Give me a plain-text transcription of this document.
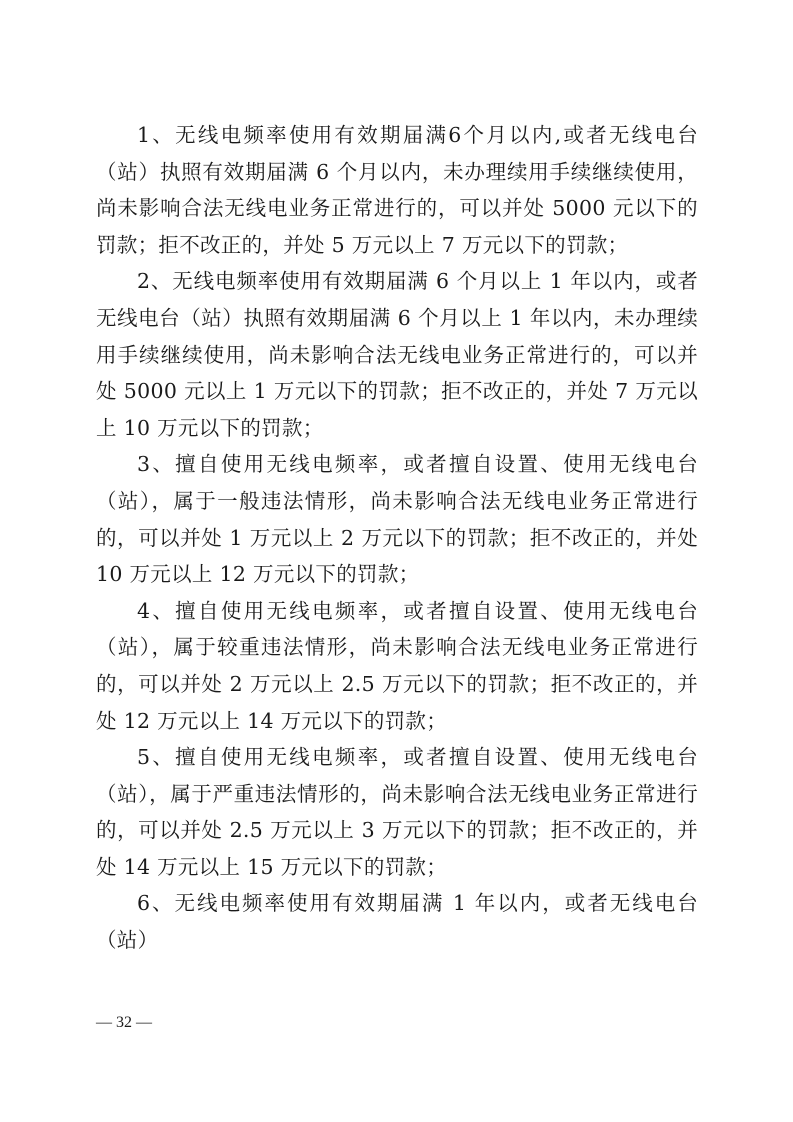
1、无线电频率使用有效期届满6个月以内,或者无线电台（站）执照有效期届满 6 个月以内，未办理续用手续继续使用，尚未影响合法无线电业务正常进行的，可以并处 5000 元以下的罚款；拒不改正的，并处 5 万元以上 7 万元以下的罚款；

2、无线电频率使用有效期届满 6 个月以上 1 年以内，或者无线电台（站）执照有效期届满 6 个月以上 1 年以内，未办理续用手续继续使用，尚未影响合法无线电业务正常进行的，可以并处 5000 元以上 1 万元以下的罚款；拒不改正的，并处 7 万元以上 10 万元以下的罚款；

3、擅自使用无线电频率，或者擅自设置、使用无线电台（站），属于一般违法情形，尚未影响合法无线电业务正常进行的，可以并处 1 万元以上 2 万元以下的罚款；拒不改正的，并处 10 万元以上 12 万元以下的罚款；

4、擅自使用无线电频率，或者擅自设置、使用无线电台（站），属于较重违法情形，尚未影响合法无线电业务正常进行的，可以并处 2 万元以上 2.5 万元以下的罚款；拒不改正的，并处 12 万元以上 14 万元以下的罚款；

5、擅自使用无线电频率，或者擅自设置、使用无线电台（站），属于严重违法情形的，尚未影响合法无线电业务正常进行的，可以并处 2.5 万元以上 3 万元以下的罚款；拒不改正的，并处 14 万元以上 15 万元以下的罚款；

6、无线电频率使用有效期届满 1 年以内，或者无线电台（站）

— 32 —
